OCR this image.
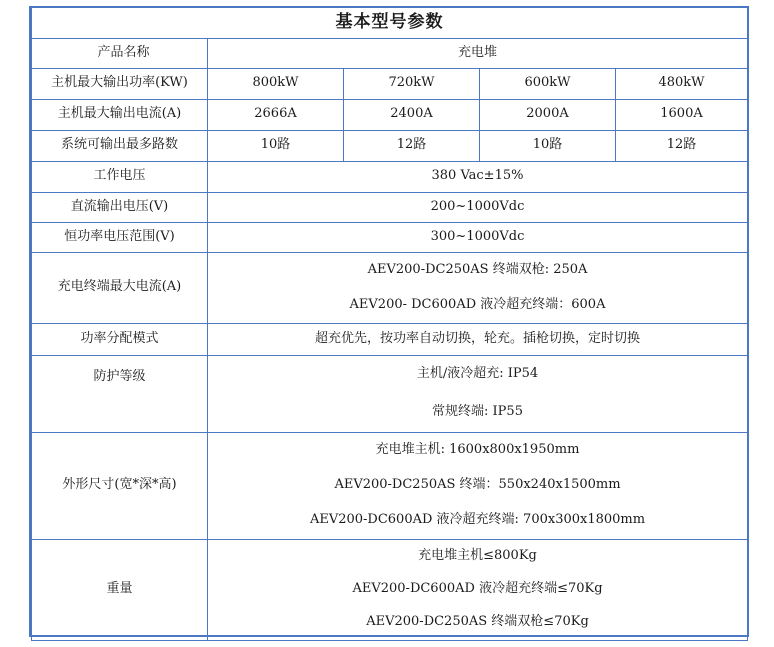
基本型号参数				
产品名称	充电堆			
主机最大输出功率(KW)	800kW	720kW	600kW	480kW
主机最大输出电流(A)	2666A	2400A	2000A	1600A
系统可输出最多路数	10路	12路	10路	12路
工作电压	380 Vac±15%			
直流输出电压(V)	200~1000Vdc			
恒功率电压范围(V)	300~1000Vdc			
充电终端最大电流(A)	AEV200-DC250AS 终端双枪: 250A
AEV200- DC600AD 液冷超充终端：600A			

功率分配模式	超充优先，按功率自动切换，轮充。插枪切换，定时切换			
防护等级	主机/液冷超充: IP54
常规终端: IP55			

外形尺寸(宽*深*高)	充电堆主机: 1600x800x1950mm
AEV200-DC250AS 终端：550x240x1500mm
AEV200-DC600AD 液冷超充终端: 700x300x1800mm			

重量	充电堆主机≤800Kg
AEV200-DC600AD 液冷超充终端≤70Kg
AEV200-DC250AS 终端双枪≤70Kg			
